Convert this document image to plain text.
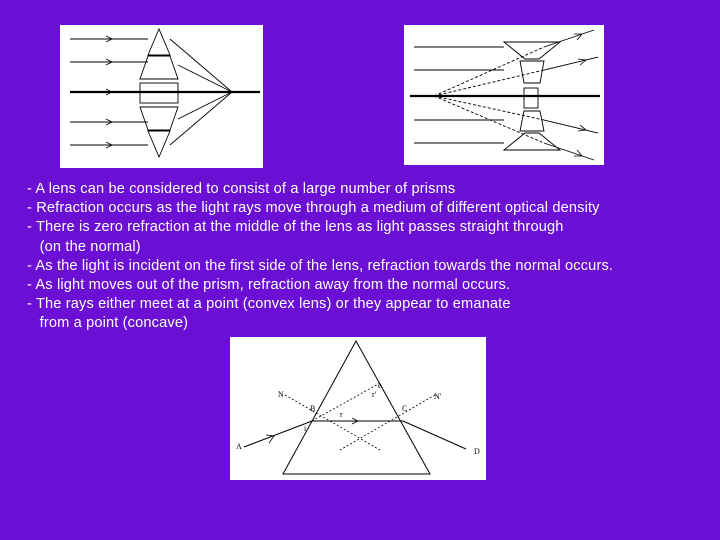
- A lens can be considered to consist of a large number of prisms
- Refraction occurs as the light rays move through a medium of different optical density
- There is zero refraction at the middle of the lens as light passes straight through
(on the normal)
- As the light is incident on the first side of the lens, refraction towards the normal occurs.
- As light moves out of the prism, refraction away from the normal occurs.
- The rays either meet at a point (convex lens) or they appear to emanate
from a point (concave)
N
A
D
B	C
N'
i
r
r'
e
